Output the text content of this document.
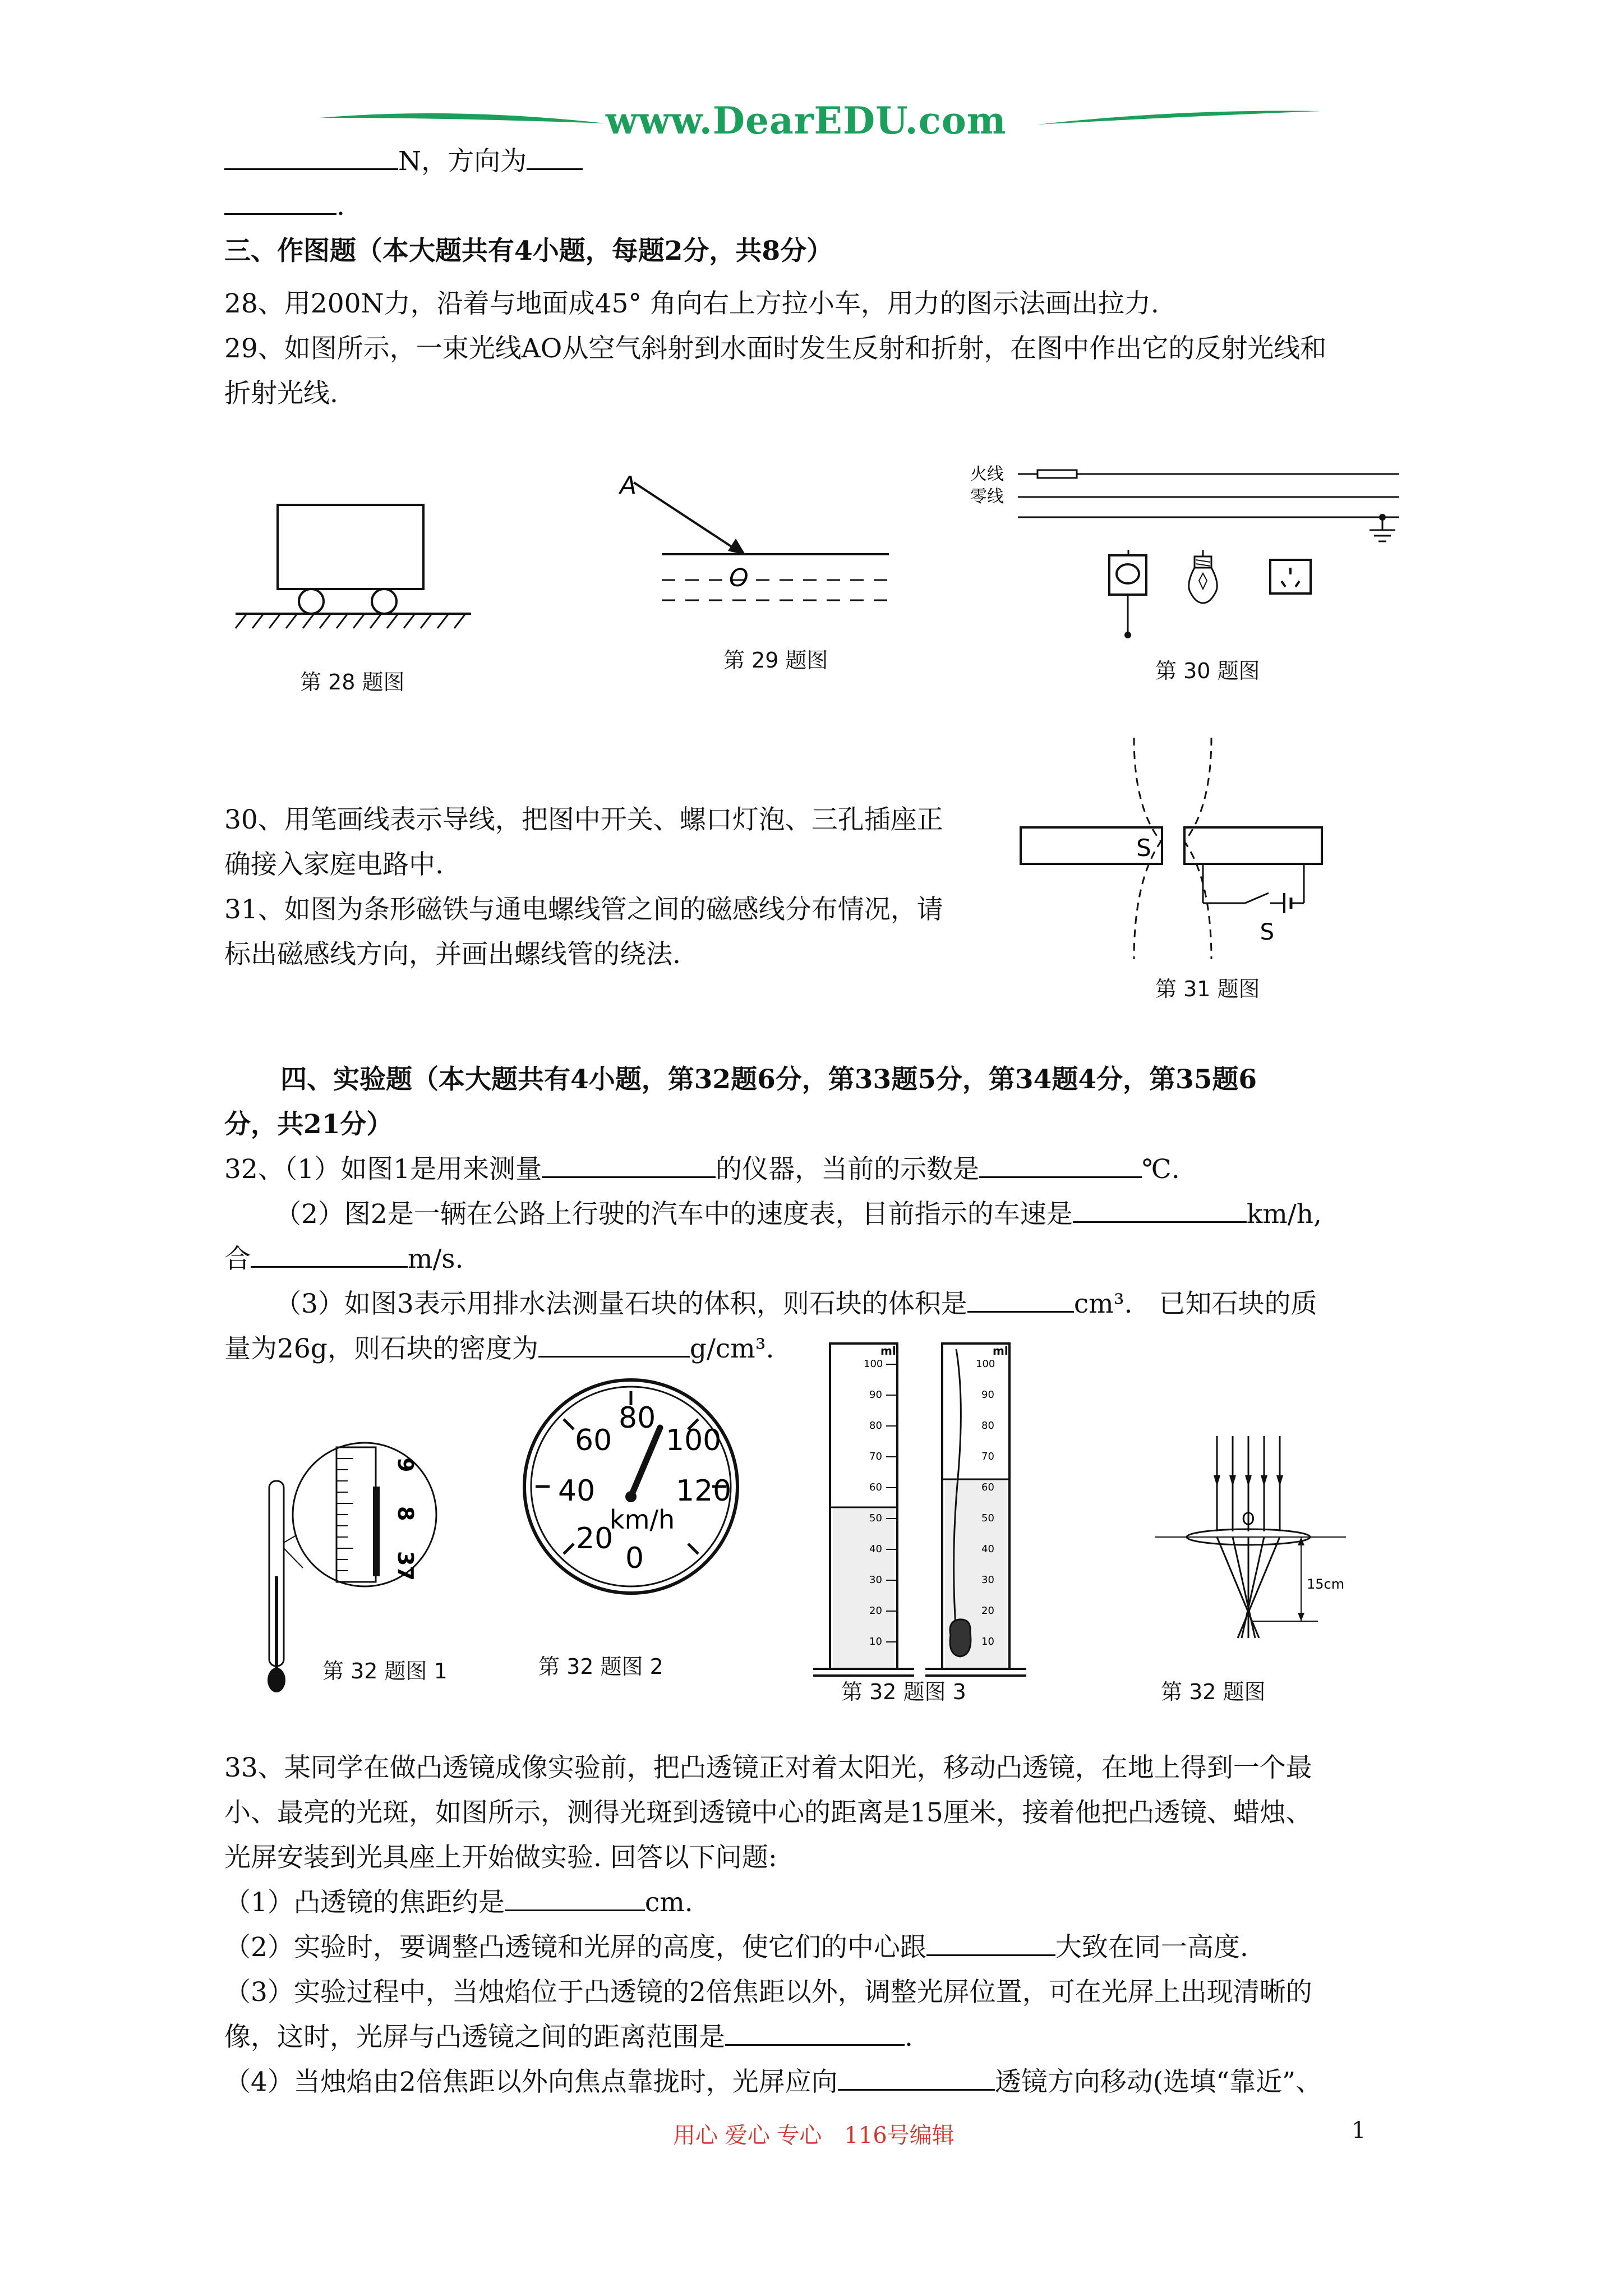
www.DearEDU.com
N，方向为
.
三、作图题（本大题共有4小题，每题2分，共8分）
28、用200N力，沿着与地面成45° 角向右上方拉小车，用力的图示法画出拉力.
29、如图所示，一束光线AO从空气斜射到水面时发生反射和折射，在图中作出它的反射光线和
折射光线.
第 28 题图
A
O
第 29 题图
火线
零线
第 30 题图
30、用笔画线表示导线，把图中开关、螺口灯泡、三孔插座正
确接入家庭电路中.
31、如图为条形磁铁与通电螺线管之间的磁感线分布情况，请
标出磁感线方向，并画出螺线管的绕法.
S
S
第 31 题图
四、实验题（本大题共有4小题，第32题6分，第33题5分，第34题4分，第35题6
分，共21分）
32、（1）如图1是用来测量	的仪器，当前的示数是	℃.
（2）图2是一辆在公路上行驶的汽车中的速度表，目前指示的车速是	km/h,
合	m/s.
（3）如图3表示用排水法测量石块的体积，则石块的体积是	cm³.　 已知石块的质
量为26g，则石块的密度为	g/cm³.
9
8
37
第 32 题图 1
0
20
40
60
80
100
120
km/h
第 32 题图 2
ml
100
90
80
70
60
50
40
30
20
10
ml
100
90
80
70
60
50
40
30
20
10
第 32 题图 3
O
15cm
第 32 题图
33、某同学在做凸透镜成像实验前，把凸透镜正对着太阳光，移动凸透镜，在地上得到一个最
小、最亮的光斑，如图所示，测得光斑到透镜中心的距离是15厘米，接着他把凸透镜、蜡烛、
光屏安装到光具座上开始做实验. 回答以下问题:
（1）凸透镜的焦距约是	cm.
（2）实验时，要调整凸透镜和光屏的高度，使它们的中心跟	大致在同一高度.
（3）实验过程中，当烛焰位于凸透镜的2倍焦距以外，调整光屏位置，可在光屏上出现清晰的
像，这时，光屏与凸透镜之间的距离范围是	.
（4）当烛焰由2倍焦距以外向焦点靠拢时，光屏应向	透镜方向移动(选填“靠近”、
用心 爱心 专心　116号编辑	1
